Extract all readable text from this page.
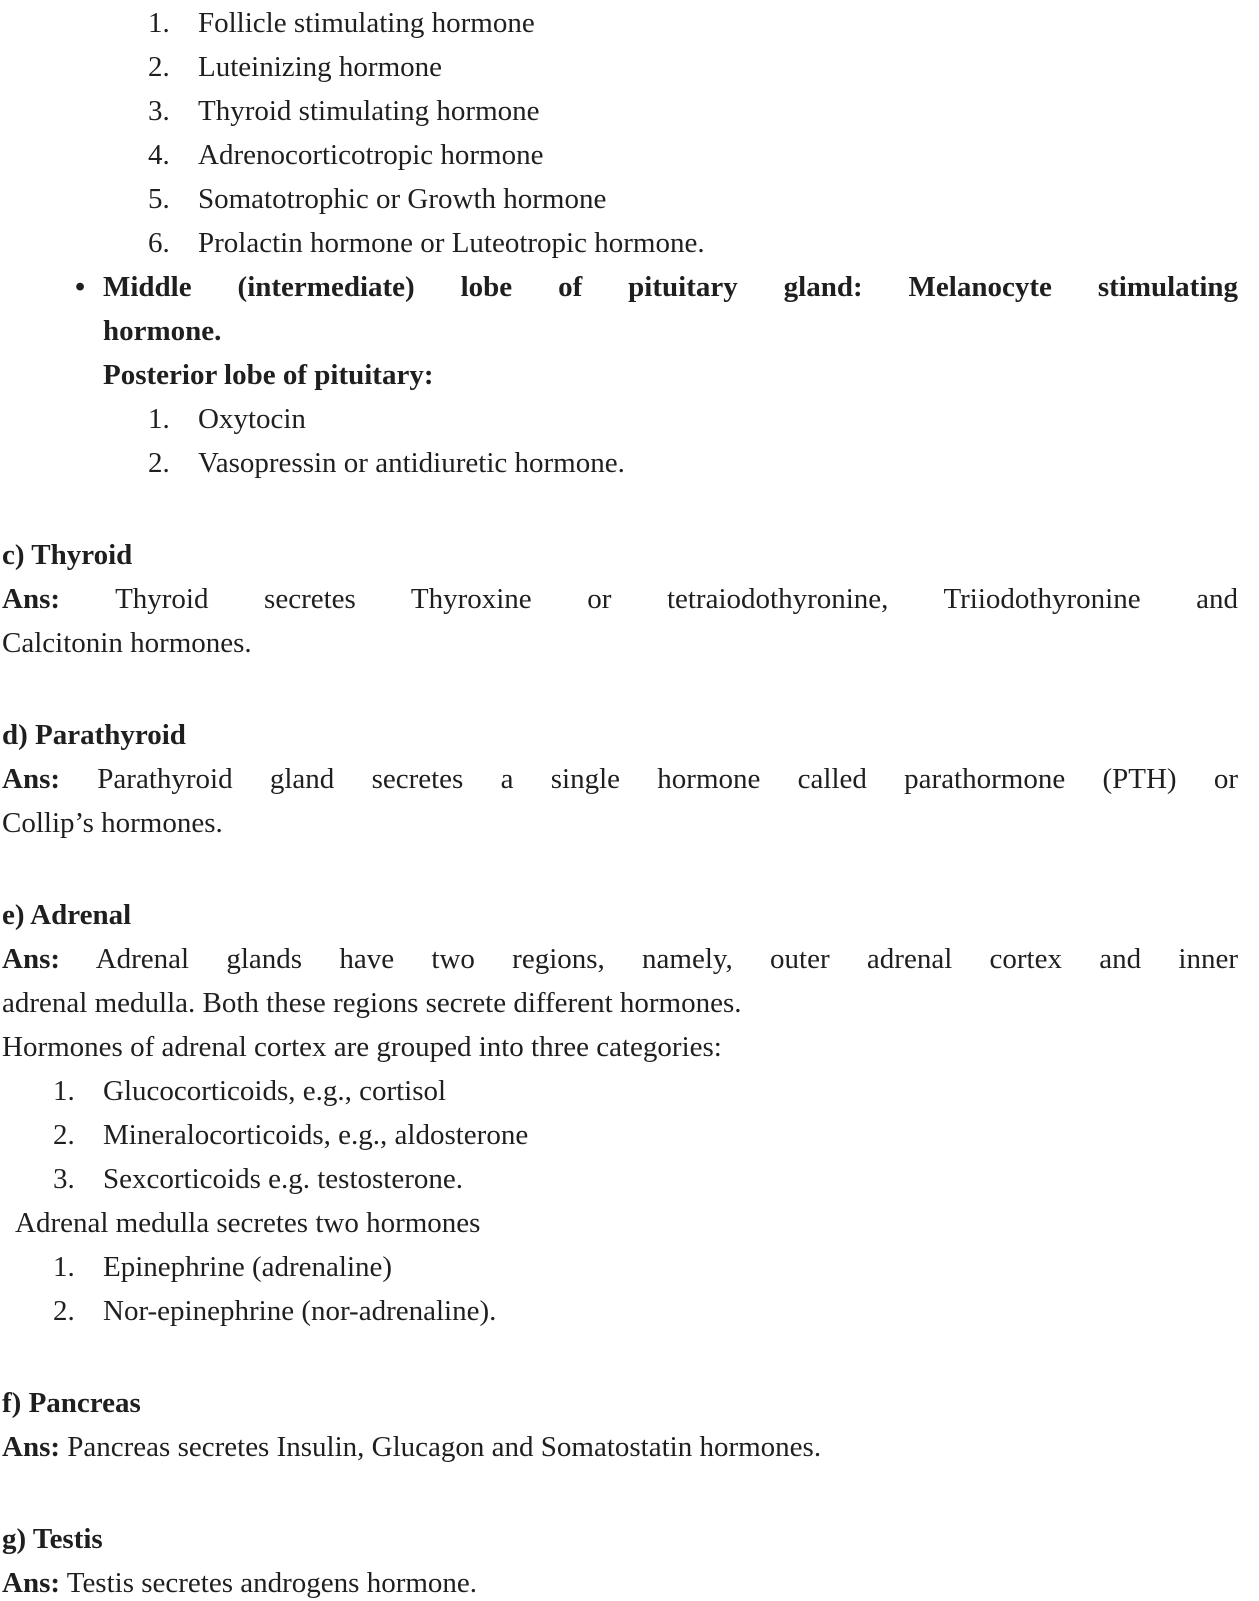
1. Follicle stimulating hormone
2. Luteinizing hormone
3. Thyroid stimulating hormone
4. Adrenocorticotropic hormone
5. Somatotrophic or Growth hormone
6. Prolactin hormone or Luteotropic hormone.
• Middle (intermediate) lobe of pituitary gland: Melanocyte stimulating
hormone.
Posterior lobe of pituitary:
1. Oxytocin
2. Vasopressin or antidiuretic hormone.
c) Thyroid
Ans: Thyroid secretes Thyroxine or tetraiodothyronine, Triiodothyronine and
Calcitonin hormones.
d) Parathyroid
Ans: Parathyroid gland secretes a single hormone called parathormone (PTH) or
Collip’s hormones.
e) Adrenal
Ans: Adrenal glands have two regions, namely, outer adrenal cortex and inner
adrenal medulla. Both these regions secrete different hormones.
Hormones of adrenal cortex are grouped into three categories:
1. Glucocorticoids, e.g., cortisol
2. Mineralocorticoids, e.g., aldosterone
3. Sexcorticoids e.g. testosterone.
Adrenal medulla secretes two hormones
1. Epinephrine (adrenaline)
2. Nor-epinephrine (nor-adrenaline).
f) Pancreas
Ans: Pancreas secretes Insulin, Glucagon and Somatostatin hormones.
g) Testis
Ans: Testis secretes androgens hormone.
